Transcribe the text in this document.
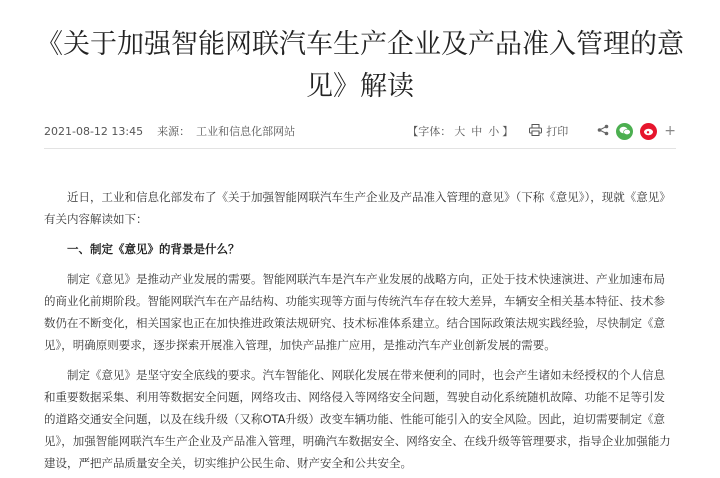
《关于加强智能网联汽车生产企业及产品准入管理的意见》解读
2021-08-12 13:45 来源： 工业和信息化部网站	【字体： 大 中 小 】	打印	+

近日，工业和信息化部发布了《关于加强智能网联汽车生产企业及产品准入管理的意见》（下称《意见》），现就《意见》有关内容解读如下：

一、制定《意见》的背景是什么？

制定《意见》是推动产业发展的需要。智能网联汽车是汽车产业发展的战略方向，正处于技术快速演进、产业加速布局的商业化前期阶段。智能网联汽车在产品结构、功能实现等方面与传统汽车存在较大差异，车辆安全相关基本特征、技术参数仍在不断变化，相关国家也正在加快推进政策法规研究、技术标准体系建立。结合国际政策法规实践经验，尽快制定《意见》，明确原则要求，逐步探索开展准入管理，加快产品推广应用，是推动汽车产业创新发展的需要。

制定《意见》是坚守安全底线的要求。汽车智能化、网联化发展在带来便利的同时，也会产生诸如未经授权的个人信息和重要数据采集、利用等数据安全问题，网络攻击、网络侵入等网络安全问题，驾驶自动化系统随机故障、功能不足等引发的道路交通安全问题，以及在线升级（又称OTA升级）改变车辆功能、性能可能引入的安全风险。因此，迫切需要制定《意见》，加强智能网联汽车生产企业及产品准入管理，明确汽车数据安全、网络安全、在线升级等管理要求，指导企业加强能力建设，严把产品质量安全关，切实维护公民生命、财产安全和公共安全。
